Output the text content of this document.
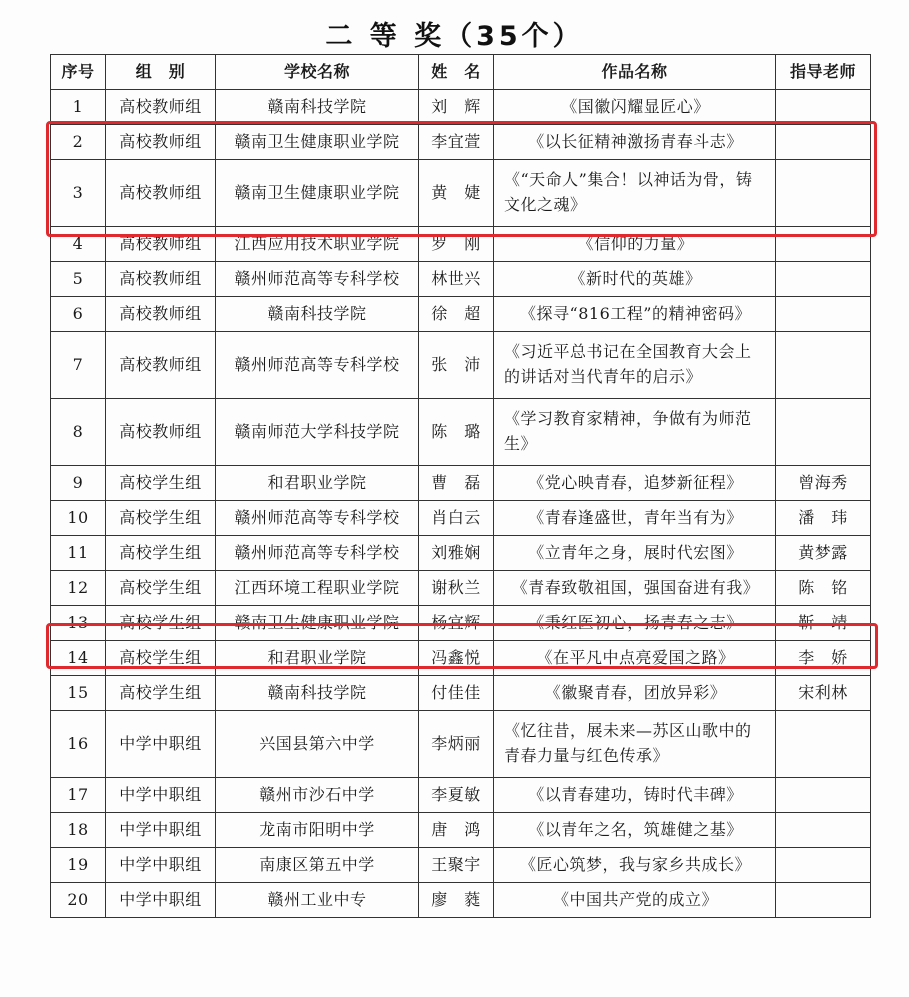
二 等 奖（35个）
序号	组　别	学校名称	姓　名	作品名称	指导老师
1	高校教师组	赣南科技学院	刘　辉	《国徽闪耀显匠心》	
2	高校教师组	赣南卫生健康职业学院	李宜萱	《以长征精神激扬青春斗志》	
3	高校教师组	赣南卫生健康职业学院	黄　婕	《“天命人”集合！以神话为骨，铸文化之魂》	
4	高校教师组	江西应用技术职业学院	罗　刚	《信仰的力量》	
5	高校教师组	赣州师范高等专科学校	林世兴	《新时代的英雄》	
6	高校教师组	赣南科技学院	徐　超	《探寻“816工程”的精神密码》	
7	高校教师组	赣州师范高等专科学校	张　沛	《习近平总书记在全国教育大会上的讲话对当代青年的启示》	
8	高校教师组	赣南师范大学科技学院	陈　璐	《学习教育家精神，争做有为师范生》	
9	高校学生组	和君职业学院	曹　磊	《党心映青春，追梦新征程》	曾海秀
10	高校学生组	赣州师范高等专科学校	肖白云	《青春逢盛世，青年当有为》	潘　玮
11	高校学生组	赣州师范高等专科学校	刘雅娴	《立青年之身，展时代宏图》	黄梦露
12	高校学生组	江西环境工程职业学院	谢秋兰	《青春致敬祖国，强国奋进有我》	陈　铭
13	高校学生组	赣南卫生健康职业学院	杨宜辉	《秉红医初心，扬青春之志》	靳　靖
14	高校学生组	和君职业学院	冯鑫悦	《在平凡中点亮爱国之路》	李　娇
15	高校学生组	赣南科技学院	付佳佳	《徽聚青春，团放异彩》	宋利林
16	中学中职组	兴国县第六中学	李炳丽	《忆往昔，展未来—苏区山歌中的青春力量与红色传承》	
17	中学中职组	赣州市沙石中学	李夏敏	《以青春建功，铸时代丰碑》	
18	中学中职组	龙南市阳明中学	唐　鸿	《以青年之名，筑雄健之基》	
19	中学中职组	南康区第五中学	王聚宇	《匠心筑梦，我与家乡共成长》	
20	中学中职组	赣州工业中专	廖　蕤	《中国共产党的成立》	
